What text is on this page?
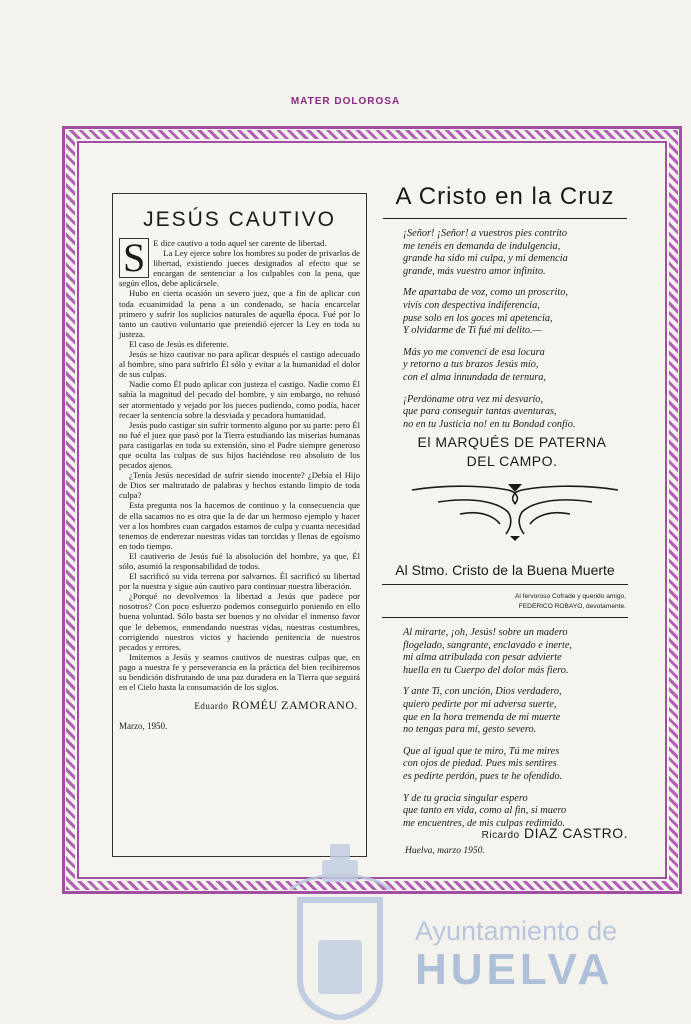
MATER DOLOROSA
JESÚS CAUTIVO

S E dice cautivo a todo aquel ser carente de libertad.

La Ley ejerce sobre los hombres su poder de privarlos de libertad, existiendo jueces designados al efecto que se encargan de sentenciar a los culpables con la pena, que según ellos, debe aplicársele.

Hubo en cierta ocasión un severo juez, que a fin de aplicar con toda ecuanimidad la pena a un condenado, se hacía encarcelar primero y sufrir los suplicios naturales de aquella época. Fué por lo tanto un cautivo voluntario que pretendió ejercer la Ley en toda su justeza.

El caso de Jesús es diferente.

Jesús se hizo cautivar no para aplicar después el castigo adecuado al hombre, sino para sufrirlo Él sólo y evitar a la humanidad el dolor de sus culpas.

Nadie como Él pudo aplicar con justeza el castigo. Nadie como Él sabía la magnitud del pecado del hombre, y sin embargo, no rehusó ser atormentado y vejado por los jueces pudiendo, como podía, hacer recaer la sentencia sobre la desviada y pecadora humanidad.

Jesús pudo castigar sin sufrir tormento alguno por su parte: pero Él no fué el juez que pasó por la Tierra estudiando las miserias humanas para castigarlas en toda su extensión, sino el Padre siempre generoso que oculta las culpas de sus hijos haciéndose reo absoluto de los pecados ajenos.

¿Tenía Jesús necesidad de sufrir siendo inocente? ¿Debía el Hijo de Dios ser maltratado de palabras y hechos estando limpio de toda culpa?

Esta pregunta nos la hacemos de continuo y la consecuencia que de ella sacamos no es otra que la de dar un hermoso ejemplo y hacer ver a los hombres cuan cargados estamos de culpa y cuanta necesidad tenemos de enderezar nuestras vidas tan torcidas y llenas de egoísmo en todo tiempo.

El cautiverio de Jesús fué la absolución del hombre, ya que, Él sólo, asumió la responsabilidad de todos.

El sacrificó su vida terrena por salvarnos. Él sacrificó su libertad por la nuestra y sigue aún cautivo para continuar nuestra liberación.

¿Porqué no devolvemos la libertad a Jesús que padece por nosotros? Con poco esfuerzo podemos conseguirlo poniendo en ello buena voluntad. Sólo basta ser buenos y no olvidar el inmenso favor que le debemos, enmendando nuestras vidas, nuestras costumbres, corrigiendo nuestros vicios y haciendo penitencia de nuestros pecados y errores.

Imitemos a Jesús y seamos cautivos de nuestras culpas que, en pago a nuestra fe y perseverancia en la práctica del bien recibiremos su bendición disfrutando de una paz duradera en la Tierra que seguirá en el Cielo hasta la consumación de los siglos.

Eduardo ROMÉU ZAMORANO.
Marzo, 1950.
A Cristo en la Cruz
¡Señor! ¡Señor! a vuestros pies contrito
me tenéis en demanda de indulgencia,
grande ha sido mi culpa, y mi demencia
grande, más vuestro amor infinito.
Me apartaba de voz, como un proscrito,
vivís con despectiva indiferencia,
puse solo en los goces mi apetencia,
Y olvidarme de Ti fué mi delito.—
Más yo me convencí de esa locura
y retorno a tus brazos Jesús mío,
con el alma innundada de ternura,
¡Perdóname otra vez mi desvarío,
que para conseguir tantas aventuras,
no en tu Justicia no! en tu Bondad confío.
El MARQUÉS DE PATERNA
DEL CAMPO.
Al Stmo. Cristo de la Buena Muerte
Al fervoroso Cofrade y querido amigo,
FEDERICO ROBAYO, devotamente.
Al mirarte, ¡oh, Jesús! sobre un madero
flogelado, sangrante, enclavado e inerte,
mi alma atribulada con pesar advierte
huella en tu Cuerpo del dolor más fiero.
Y ante Ti, con unción, Dios verdadero,
quiero pedirte por mi adversa suerte,
que en la hora tremenda de mi muerte
no tengas para mí, gesto severo.
Que al igual que te miro, Tú me mires
con ojos de piedad. Pues mis sentires
es pedirte perdón, pues te he ofendido.
Y de tu gracia singular espero
que tanto en vida, como al fin, si muero
me encuentres, de mis culpas redimido.
Ricardo DIAZ CASTRO.
Huelva, marzo 1950.
Ayuntamiento de
HUELVA
